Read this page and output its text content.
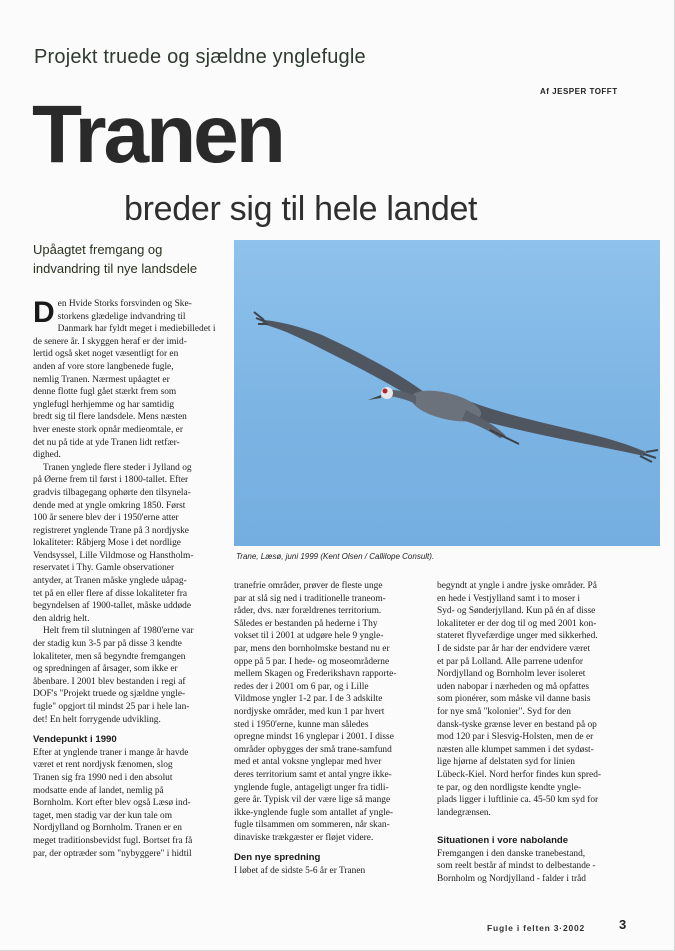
Projekt truede og sjældne ynglefugle
Af JESPER TOFFT
Tranen
breder sig til hele landet
Upåagtet fremgang og
indvandring til nye landsdele
Trane, Læsø, juni 1999 (Kent Olsen / Callilope Consult).
D en Hvide Storks forsvinden og Ske-
storkens glædelige indvandring til
Danmark har fyldt meget i mediebilledet i
de senere år. I skyggen heraf er der imid-
lertid også sket noget væsentligt for en
anden af vore store langbenede fugle,
nemlig Tranen. Nærmest upåagtet er
denne flotte fugl gået stærkt frem som
ynglefugl herhjemme og har samtidig
bredt sig til flere landsdele. Mens næsten
hver eneste stork opnår medieomtale, er
det nu på tide at yde Tranen lidt retfær-
dighed.
Tranen ynglede flere steder i Jylland og
på Øerne frem til først i 1800-tallet. Efter
gradvis tilbagegang ophørte den tilsynela-
dende med at yngle omkring 1850. Først
100 år senere blev der i 1950'erne atter
registreret ynglende Trane på 3 nordjyske
lokaliteter: Råbjerg Mose i det nordlige
Vendsyssel, Lille Vildmose og Hanstholm-
reservatet i Thy. Gamle observationer
antyder, at Tranen måske ynglede uåpag-
tet på en eller flere af disse lokaliteter fra
begyndelsen af 1900-tallet, måske uddøde
den aldrig helt.
Helt frem til slutningen af 1980'erne var
der stadig kun 3-5 par på disse 3 kendte
lokaliteter, men så begyndte fremgangen
og spredningen af årsager, som ikke er
åbenbare. I 2001 blev bestanden i regi af
DOF's "Projekt truede og sjældne yngle-
fugle" opgjort til mindst 25 par i hele lan-
det! En helt forrygende udvikling.
Vendepunkt i 1990
Efter at ynglende traner i mange år havde
været et rent nordjysk fænomen, slog
Tranen sig fra 1990 ned i den absolut
modsatte ende af landet, nemlig på
Bornholm. Kort efter blev også Læsø ind-
taget, men stadig var der kun tale om
Nordjylland og Bornholm. Tranen er en
meget traditionsbevidst fugl. Bortset fra få
par, der optræder som "nybyggere" i hidtil
tranefrie områder, prøver de fleste unge
par at slå sig ned i traditionelle traneom-
råder, dvs. nær forældrenes territorium.
Således er bestanden på hederne i Thy
vokset til i 2001 at udgøre hele 9 yngle-
par, mens den bornholmske bestand nu er
oppe på 5 par. I hede- og moseområderne
mellem Skagen og Frederikshavn rapporte-
redes der i 2001 om 6 par, og i Lille
Vildmose yngler 1-2 par. I de 3 adskilte
nordjyske områder, med kun 1 par hvert
sted i 1950'erne, kunne man således
opregne mindst 16 ynglepar i 2001. I disse
områder opbygges der små trane-samfund
med et antal voksne ynglepar med hver
deres territorium samt et antal yngre ikke-
ynglende fugle, antageligt unger fra tidli-
gere år. Typisk vil der være lige så mange
ikke-ynglende fugle som antallet af yngle-
fugle tilsammen om sommeren, når skan-
dinaviske trækgæster er fløjet videre.
Den nye spredning
I løbet af de sidste 5-6 år er Tranen
begyndt at yngle i andre jyske områder. På
en hede i Vestjylland samt i to moser i
Syd- og Sønderjylland. Kun på én af disse
lokaliteter er der dog til og med 2001 kon-
stateret flyvefærdige unger med sikkerhed.
I de sidste par år har der endvidere været
et par på Lolland. Alle parrene udenfor
Nordjylland og Bornholm lever isoleret
uden nabopar i nærheden og må opfattes
som pionérer, som måske vil danne basis
for nye små "kolonier". Syd for den
dansk-tyske grænse lever en bestand på op
mod 120 par i Slesvig-Holsten, men de er
næsten alle klumpet sammen i det sydøst-
lige hjørne af delstaten syd for linien
Lübeck-Kiel. Nord herfor findes kun spred-
te par, og den nordligste kendte yngle-
plads ligger i luftlinie ca. 45-50 km syd for
landegrænsen.
Situationen i vore nabolande
Fremgangen i den danske tranebestand,
som reelt består af mindst to delbestande -
Bornholm og Nordjylland - falder i tråd
Fugle i felten 3·2002	3
